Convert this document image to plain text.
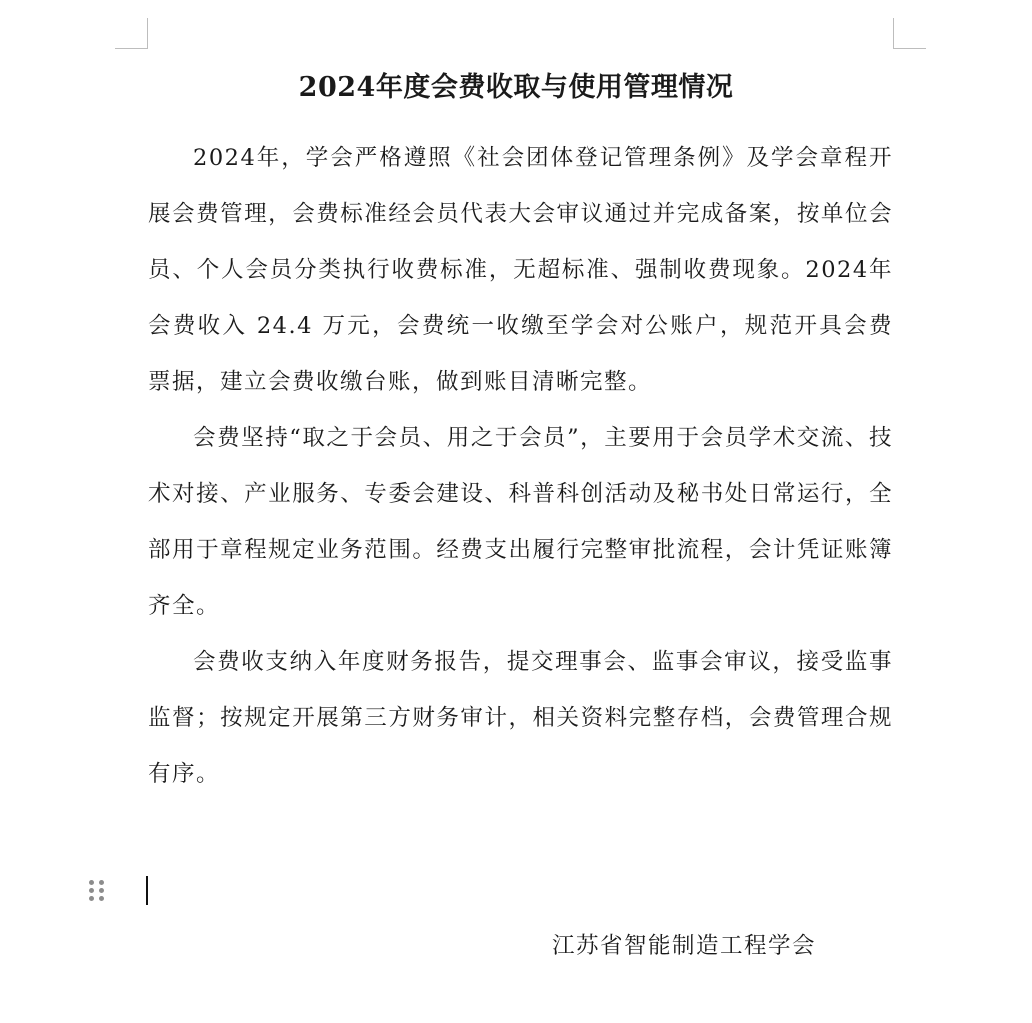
2024年度会费收取与使用管理情况

2024年，学会严格遵照《社会团体登记管理条例》及学会章程开展会费管理，会费标准经会员代表大会审议通过并完成备案，按单位会员、个人会员分类执行收费标准，无超标准、强制收费现象。2024年会费收入 24.4 万元，会费统一收缴至学会对公账户，规范开具会费票据，建立会费收缴台账，做到账目清晰完整。

会费坚持“取之于会员、用之于会员”，主要用于会员学术交流、技术对接、产业服务、专委会建设、科普科创活动及秘书处日常运行，全部用于章程规定业务范围。经费支出履行完整审批流程，会计凭证账簿齐全。

会费收支纳入年度财务报告，提交理事会、监事会审议，接受监事监督；按规定开展第三方财务审计，相关资料完整存档，会费管理合规有序。

江苏省智能制造工程学会
